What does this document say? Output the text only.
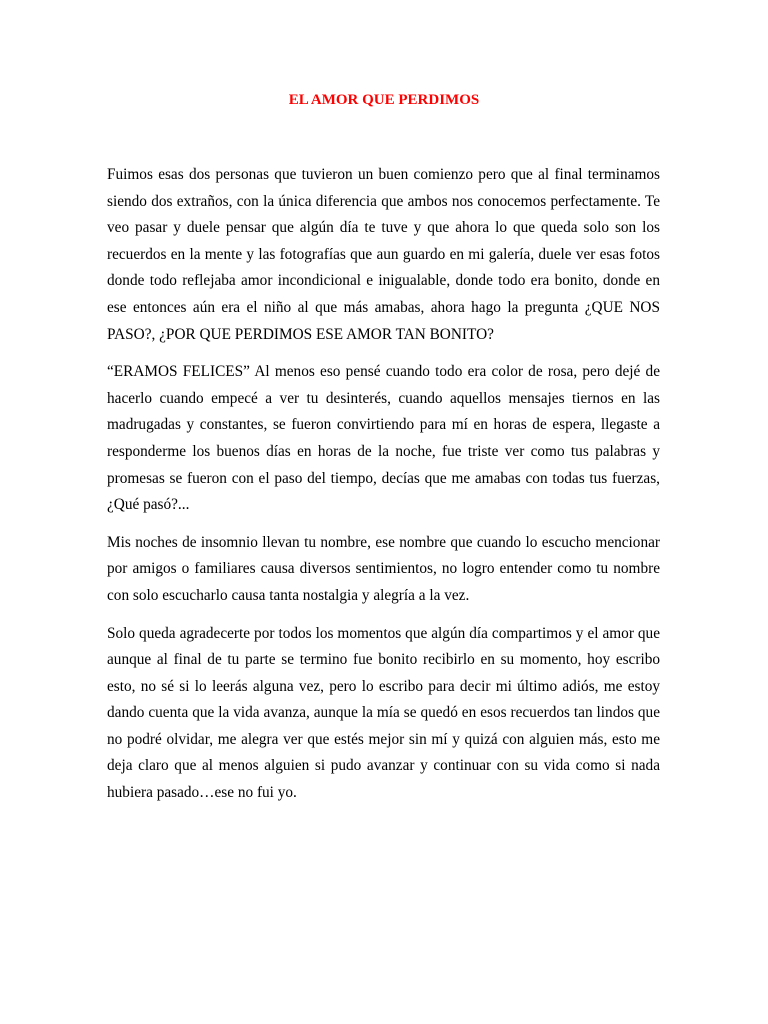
EL AMOR QUE PERDIMOS

Fuimos esas dos personas que tuvieron un buen comienzo pero que al final terminamos siendo dos extraños, con la única diferencia que ambos nos conocemos perfectamente. Te veo pasar y duele pensar que algún día te tuve y que ahora lo que queda solo son los recuerdos en la mente y las fotografías que aun guardo en mi galería, duele ver esas fotos donde todo reflejaba amor incondicional e inigualable, donde todo era bonito, donde en ese entonces aún era el niño al que más amabas, ahora hago la pregunta ¿QUE NOS PASO?, ¿POR QUE PERDIMOS ESE AMOR TAN BONITO?

“ERAMOS FELICES” Al menos eso pensé cuando todo era color de rosa, pero dejé de hacerlo cuando empecé a ver tu desinterés, cuando aquellos mensajes tiernos en las madrugadas y constantes, se fueron convirtiendo para mí en horas de espera, llegaste a responderme los buenos días en horas de la noche, fue triste ver como tus palabras y promesas se fueron con el paso del tiempo, decías que me amabas con todas tus fuerzas, ¿Qué pasó?...

Mis noches de insomnio llevan tu nombre, ese nombre que cuando lo escucho mencionar por amigos o familiares causa diversos sentimientos, no logro entender como tu nombre con solo escucharlo causa tanta nostalgia y alegría a la vez.

Solo queda agradecerte por todos los momentos que algún día compartimos y el amor que aunque al final de tu parte se termino fue bonito recibirlo en su momento, hoy escribo esto, no sé si lo leerás alguna vez, pero lo escribo para decir mi último adiós, me estoy dando cuenta que la vida avanza, aunque la mía se quedó en esos recuerdos tan lindos que no podré olvidar, me alegra ver que estés mejor sin mí y quizá con alguien más, esto me deja claro que al menos alguien si pudo avanzar y continuar con su vida como si nada hubiera pasado…ese no fui yo.
